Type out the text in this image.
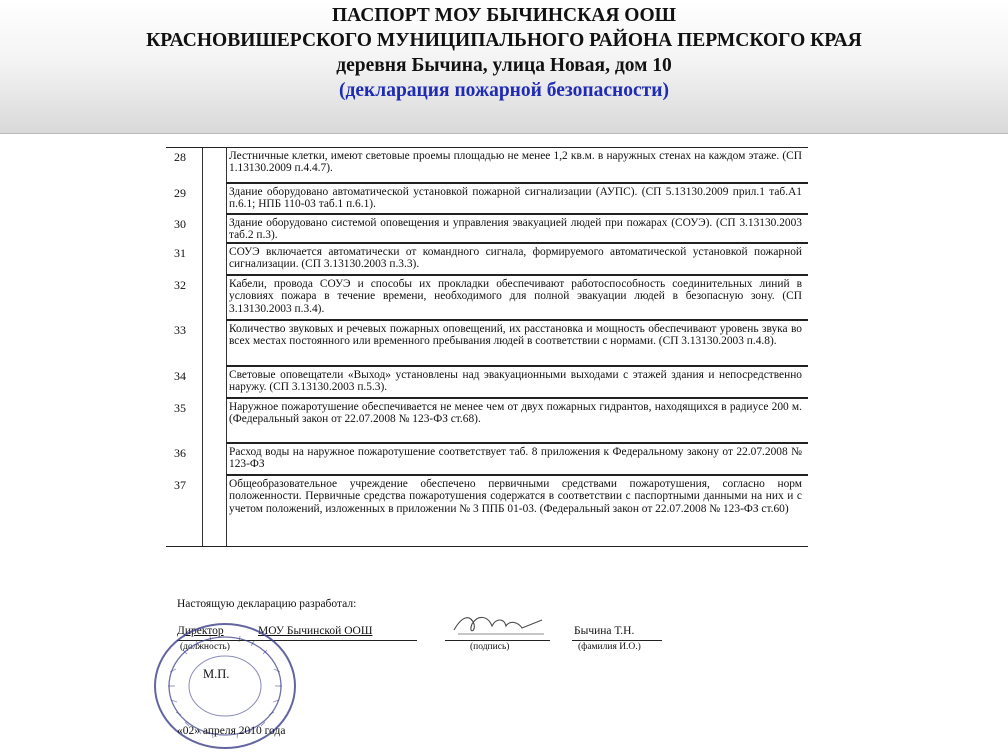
ПАСПОРТ МОУ БЫЧИНСКАЯ ООШ
КРАСНОВИШЕРСКОГО МУНИЦИПАЛЬНОГО РАЙОНА ПЕРМСКОГО КРАЯ
деревня Бычина, улица Новая, дом 10
(декларация пожарной безопасности)
28	Лестничные клетки, имеют световые проемы площадью не менее 1,2 кв.м. в наружных стенах на каждом этаже. (СП 1.13130.2009 п.4.4.7).
29	Здание оборудовано автоматической установкой пожарной сигнализации (АУПС). (СП 5.13130.2009 прил.1 таб.А1 п.6.1; НПБ 110-03 таб.1 п.6.1).
30	Здание оборудовано системой оповещения и управления эвакуацией людей при пожарах (СОУЭ). (СП 3.13130.2003 таб.2 п.3).
31	СОУЭ включается автоматически от командного сигнала, формируемого автоматической установкой пожарной сигнализации. (СП 3.13130.2003 п.3.3).
32	Кабели, провода СОУЭ и способы их прокладки обеспечивают работоспособность соединительных линий в условиях пожара в течение времени, необходимого для полной эвакуации людей в безопасную зону. (СП 3.13130.2003 п.3.4).
33	Количество звуковых и речевых пожарных оповещений, их расстановка и мощность обеспечивают уровень звука во всех местах постоянного или временного пребывания людей в соответствии с нормами. (СП 3.13130.2003 п.4.8).
34	Световые оповещатели «Выход» установлены над эвакуационными выходами с этажей здания и непосредственно наружу. (СП 3.13130.2003 п.5.3).
35	Наружное пожаротушение обеспечивается не менее чем от двух пожарных гидрантов, находящихся в радиусе 200 м. (Федеральный закон от 22.07.2008 № 123-ФЗ ст.68).
36	Расход воды на наружное пожаротушение соответствует таб. 8 приложения к Федеральному закону от 22.07.2008 № 123-ФЗ
37	Общеобразовательное учреждение обеспечено первичными средствами пожаротушения, согласно норм положенности. Первичные средства пожаротушения содержатся в соответствии с паспортными данными на них и с учетом положений, изложенных в приложении № 3 ППБ 01-03. (Федеральный закон от 22.07.2008 № 123-ФЗ ст.60)
Настоящую декларацию разработал:
Директор	МОУ Бычинской ООШ
(должность)	(подпись)
Бычина Т.Н.
(фамилия И.О.)
М.П.
«02» апреля 2010 года
